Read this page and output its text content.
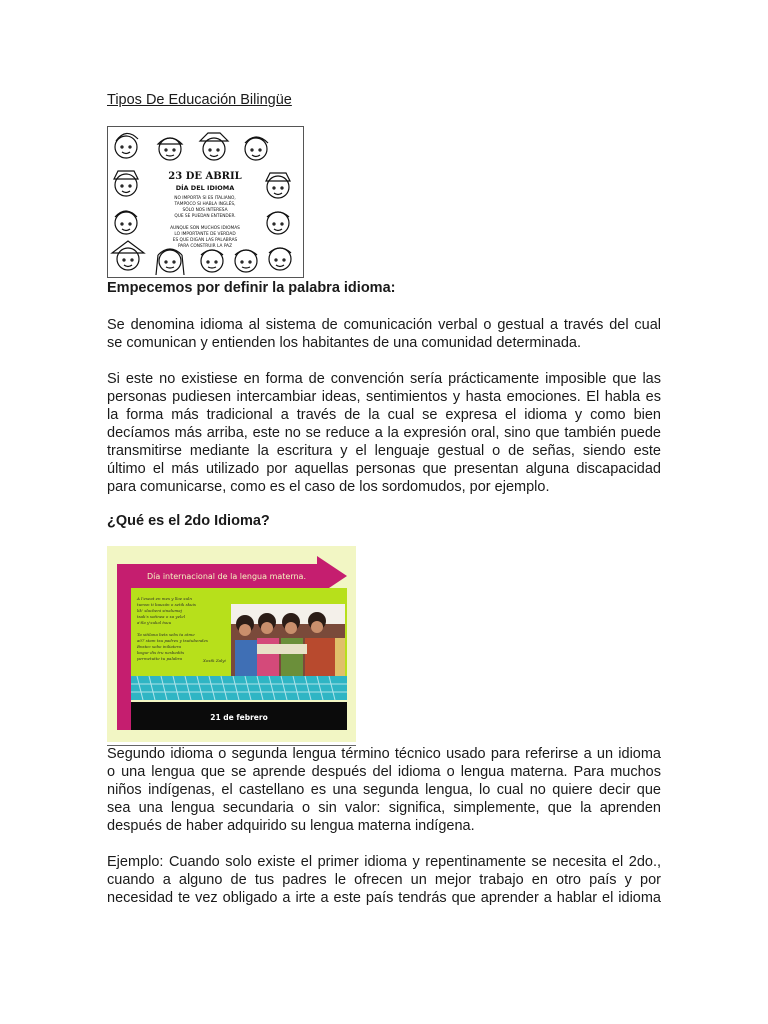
Tipos De Educación Bilingüe
23 DE ABRIL
DÍA DEL IDIOMA
NO IMPORTA SI ES ITALIANO,
TAMPOCO SI HABLA INGLÉS,
SÓLO NOS INTERESA
QUE SE PUEDAN ENTENDER.
AUNQUE SON MUCHOS IDIOMAS
LO IMPORTANTE DE VERDAD
ES QUE DIGAN LAS PALABRAS
PARA CONSTRUIR LA PAZ
Empecemos por definir la palabra idioma:
Se denomina idioma al sistema de comunicación verbal o gestual a través del cual
se comunican y entienden los habitantes de una comunidad determinada.
Si este no existiese en forma de convención sería prácticamente imposible que las
personas pudiesen intercambiar ideas, sentimientos y hasta emociones. El habla es
la forma más tradicional a través de la cual se expresa el idioma y como bien
decíamos más arriba, este no se reduce a la expresión oral, sino que también puede
transmitirse mediante la escritura y el lenguaje gestual o de señas, siendo este
último el más utilizado por aquellas personas que presentan alguna discapacidad
para comunicarse, como es el caso de los sordomudos, por ejemplo.
¿Qué es el 2do Idioma?
Día internacional de la lengua materna.
A l'eseat en mes y lloe suln
tumsn ti bauzán o setik skuis
lik' slacbeni sinalumaj
tsak's sotinea o xa yelel
a'tla y'sukol tsuu
Ta sitilana bets sebs ta atme
a07 stam tsu padres y tsutubendes
Bnstec sebo iniliatera
bagur dis tru nesbedits
permetutte tu palabra	Xoxtk Zalyi
21 de febrero
Segundo idioma o segunda lengua término técnico usado para referirse a un idioma
o una lengua que se aprende después del idioma o lengua materna. Para muchos
niños indígenas, el castellano es una segunda lengua, lo cual no quiere decir que
sea una lengua secundaria o sin valor: significa, simplemente, que la aprenden
después de haber adquirido su lengua materna indígena.
Ejemplo: Cuando solo existe el primer idioma y repentinamente se necesita el 2do.,
cuando a alguno de tus padres le ofrecen un mejor trabajo en otro país y por
necesidad te vez obligado a irte a este país tendrás que aprender a hablar el idioma
